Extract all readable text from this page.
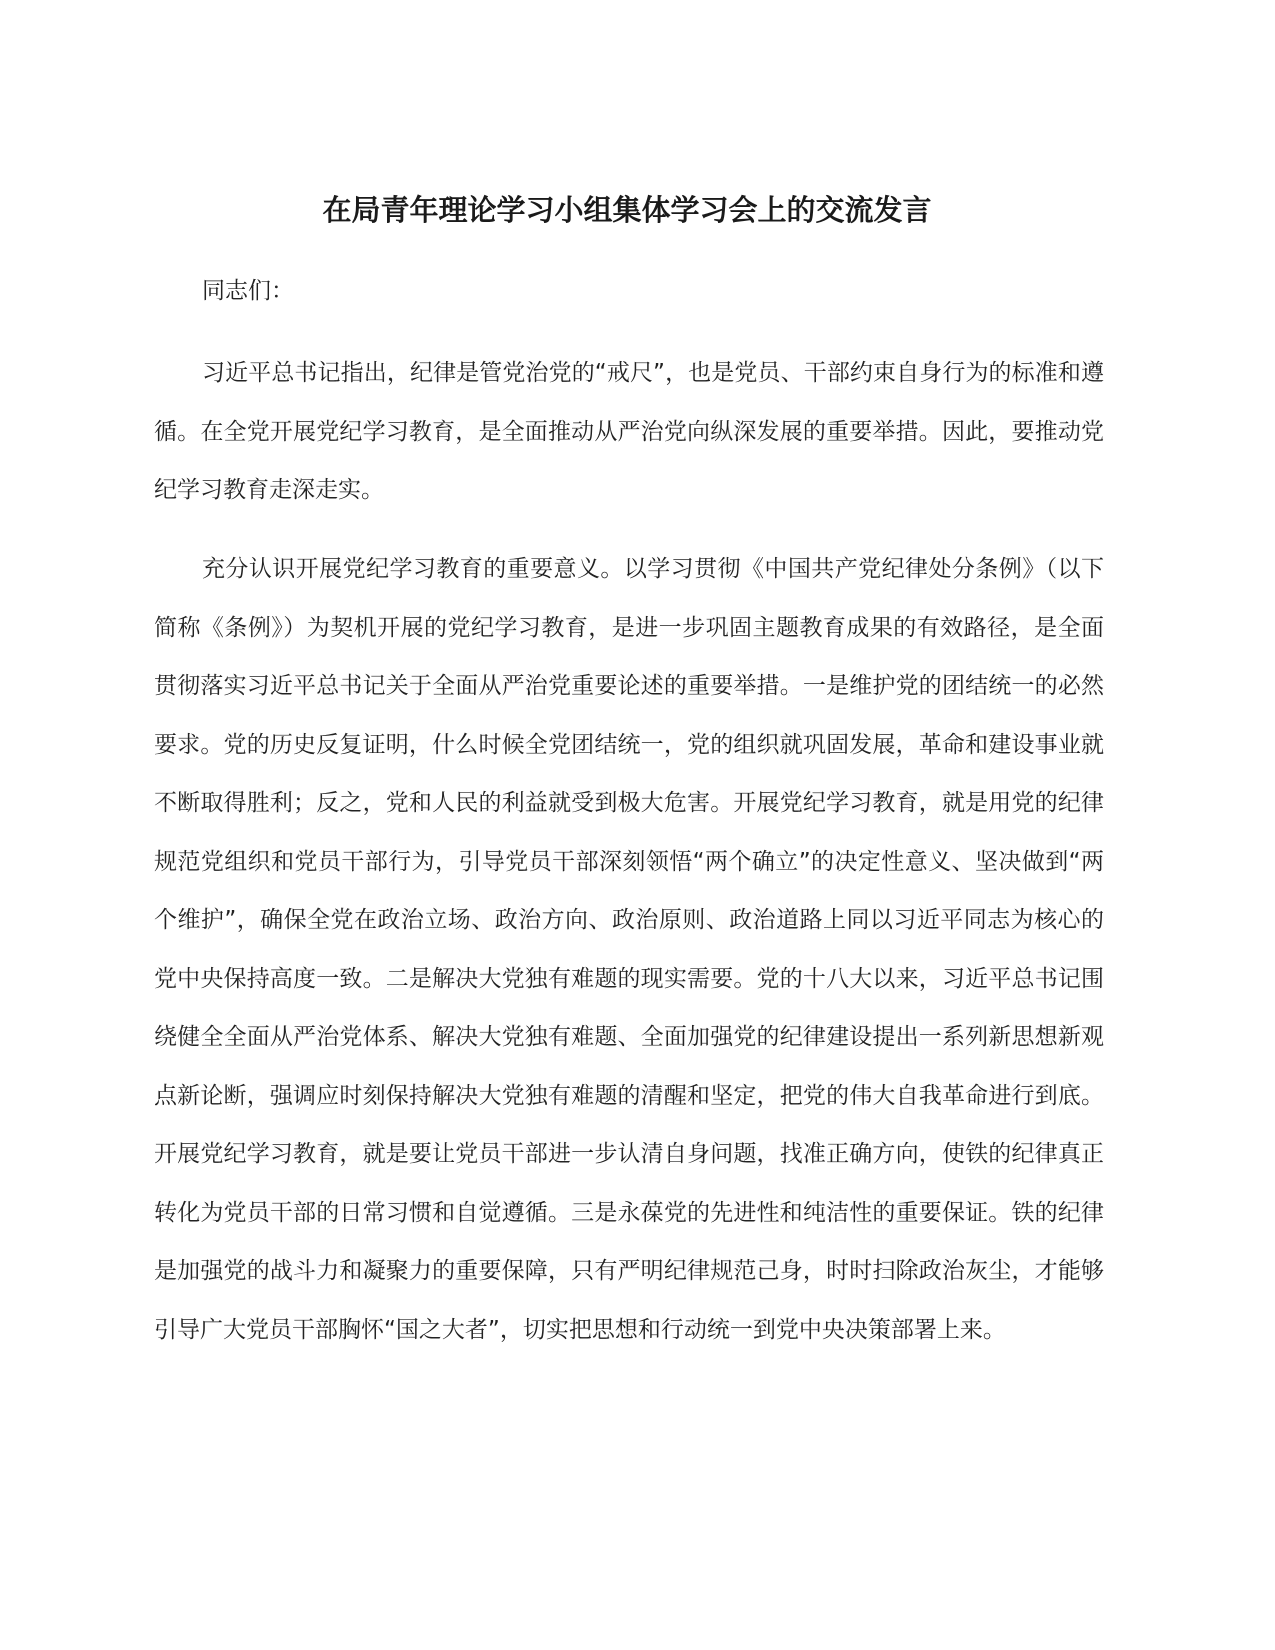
在局青年理论学习小组集体学习会上的交流发言

同志们：

习近平总书记指出，纪律是管党治党的“戒尺”，也是党员、干部约束自身行为的标准和遵循。在全党开展党纪学习教育，是全面推动从严治党向纵深发展的重要举措。因此，要推动党纪学习教育走深走实。

充分认识开展党纪学习教育的重要意义。以学习贯彻《中国共产党纪律处分条例》（以下简称《条例》）为契机开展的党纪学习教育，是进一步巩固主题教育成果的有效路径，是全面贯彻落实习近平总书记关于全面从严治党重要论述的重要举措。一是维护党的团结统一的必然要求。党的历史反复证明，什么时候全党团结统一，党的组织就巩固发展，革命和建设事业就不断取得胜利；反之，党和人民的利益就受到极大危害。开展党纪学习教育，就是用党的纪律规范党组织和党员干部行为，引导党员干部深刻领悟“两个确立”的决定性意义、坚决做到“两个维护”，确保全党在政治立场、政治方向、政治原则、政治道路上同以习近平同志为核心的党中央保持高度一致。二是解决大党独有难题的现实需要。党的十八大以来，习近平总书记围绕健全全面从严治党体系、解决大党独有难题、全面加强党的纪律建设提出一系列新思想新观点新论断，强调应时刻保持解决大党独有难题的清醒和坚定，把党的伟大自我革命进行到底。开展党纪学习教育，就是要让党员干部进一步认清自身问题，找准正确方向，使铁的纪律真正转化为党员干部的日常习惯和自觉遵循。三是永葆党的先进性和纯洁性的重要保证。铁的纪律是加强党的战斗力和凝聚力的重要保障，只有严明纪律规范己身，时时扫除政治灰尘，才能够引导广大党员干部胸怀“国之大者”，切实把思想和行动统一到党中央决策部署上来。
